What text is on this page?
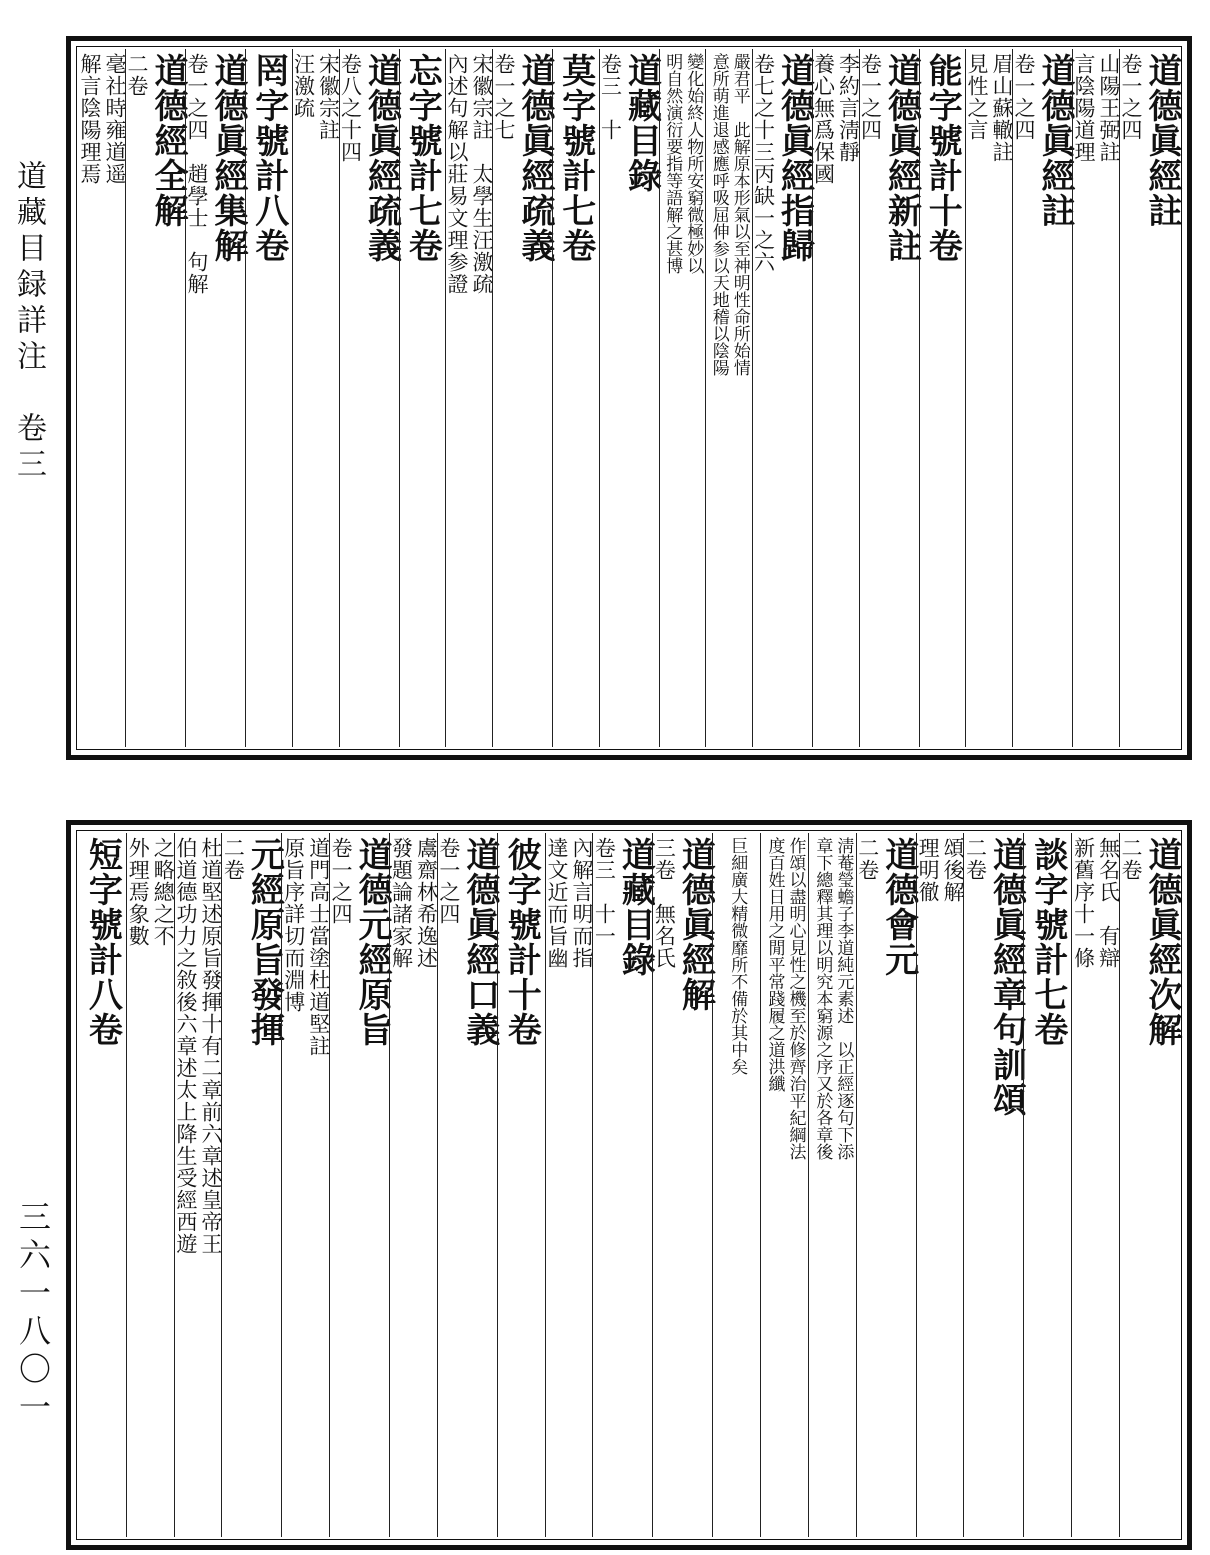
道藏目録詳注　卷三
三六一八〇一
道德眞經註
卷一之四
山陽王弼註
言陰陽道理
道德眞經註
卷一之四
眉山蘇轍註
見性之言
能字號計十卷
道德眞經新註
卷一之四
李約言淸靜
養心無爲保國
道德眞經指歸
卷七之十三丙缺一之六
嚴君平　此解原本形氣以至神明性命所始情
意所萌進退感應呼吸屈伸参以天地稽以陰陽
變化始終人物所安窮微極妙以
明自然演衍要指等語解之甚博
道藏目錄
卷三　十
莫字號計七卷
道德眞經疏義
卷一之七
宋徽宗註　太學生汪激疏
內述句解以莊易文理参證
忘字號計七卷
道德眞經疏義
卷八之十四
宋徽宗註
汪激疏
罔字號計八卷
道德眞經集解
卷一之四　趙學士　句解
道德經全解
二卷
毫社時雍道遥
解言陰陽理焉
道德眞經次解
二卷
無名氏　有辯
新舊序十一條
談字號計七卷
道德眞經章句訓頌
二卷
頌後解
理明徹
道德會元
二卷
淸菴瑩蟾子李道純元素述　以正經逐句下添
章下總釋其理以明究本窮源之序又於各章後
作頌以盡明心見性之機至於修齊治平紀綱法
度百姓日用之閒平常踐履之道洪纖
巨細廣大精微靡所不備於其中矣
道德眞經解
三卷　無名氏
道藏目錄
卷三　十一
內解言明而指
達文近而旨幽
彼字號計十卷
道德眞經口義
卷一之四
鬳齋林希逸述
發題論諸家解
道德元經原旨
卷一之四
道門高士當塗杜道堅註
原旨序詳切而淵博
元經原旨發揮
二卷
杜道堅述原旨發揮十有二章前六章述皇帝王
伯道德功力之敘後六章述太上降生受經西遊
之略總之不
外理焉象數
短字號計八卷
